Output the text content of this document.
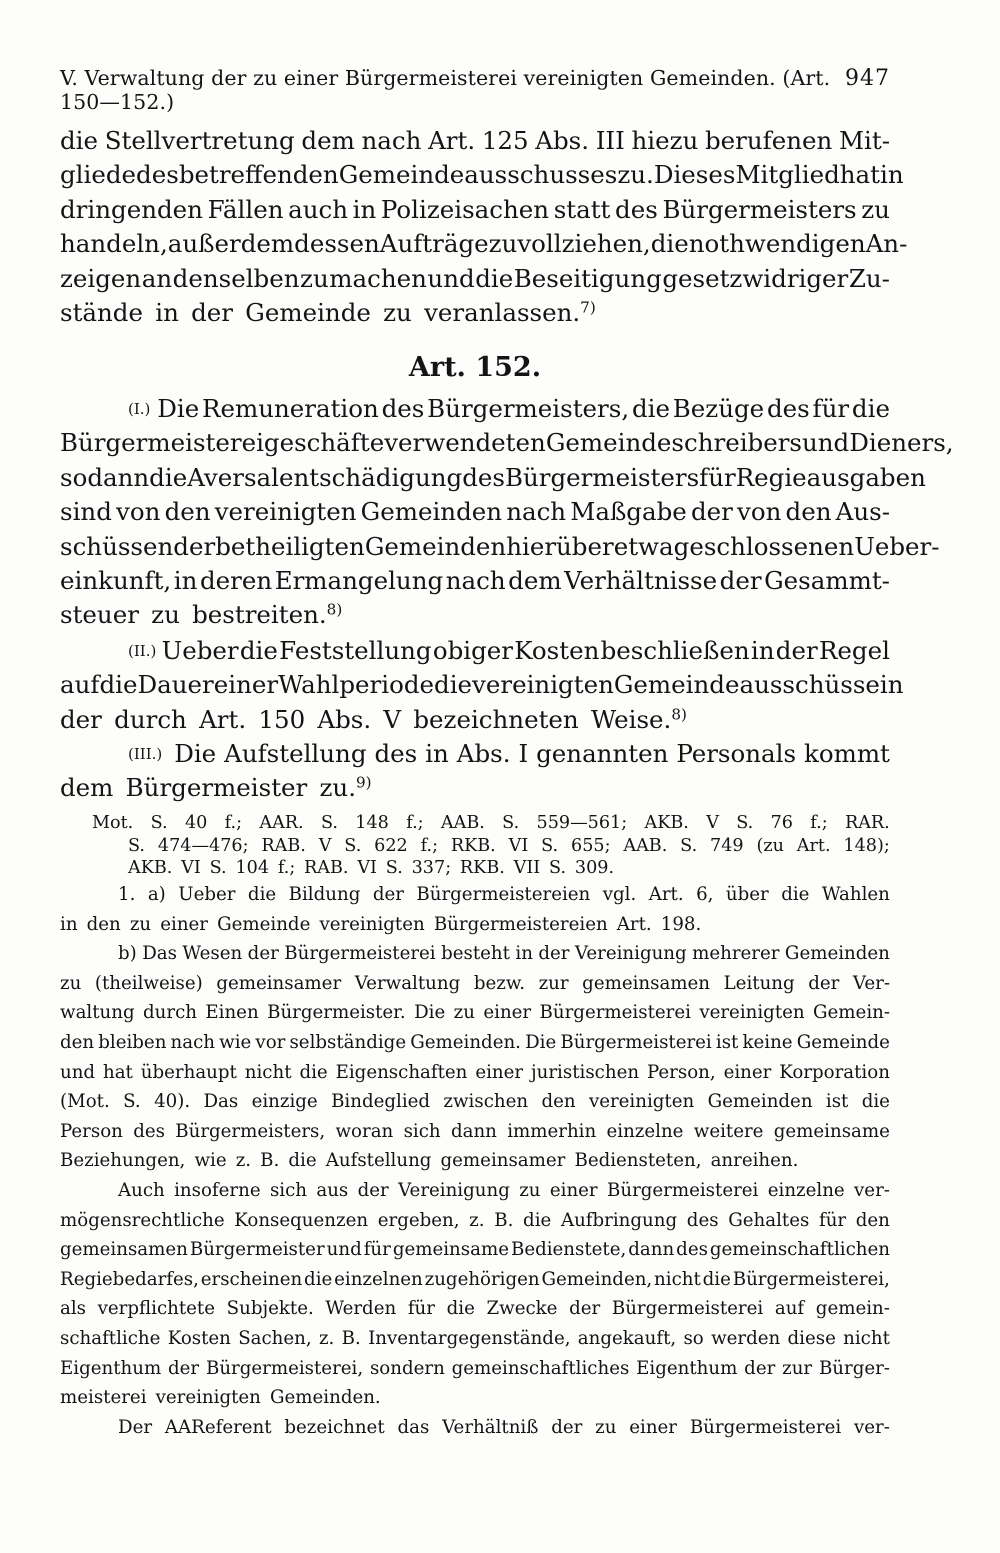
V. Verwaltung der zu einer Bürgermeisterei vereinigten Gemeinden. (Art. 150—152.)
947
die Stellvertretung dem nach Art. 125 Abs. III hiezu berufenen Mit-
gliede des betreffenden Gemeindeausschusses zu. Dieses Mitglied hat in
dringenden Fällen auch in Polizeisachen statt des Bürgermeisters zu
handeln, außerdem dessen Aufträge zu vollziehen, die nothwendigen An-
zeigen an denselben zu machen und die Beseitigung gesetzwidriger Zu-
stände in der Gemeinde zu veranlassen.$^{7)}$
Art. 152.
(I.) Die Remuneration des Bürgermeisters, die Bezüge des für die
Bürgermeistereigeschäfte verwendeten Gemeindeschreibers und Dieners,
sodann die Aversalentschädigung des Bürgermeisters für Regieausgaben
sind von den vereinigten Gemeinden nach Maßgabe der von den Aus-
schüssen der betheiligten Gemeinden hierüber etwa geschlossenen Ueber-
einkunft, in deren Ermangelung nach dem Verhältnisse der Gesammt-
steuer zu bestreiten.$^{8)}$
(II.) Ueber die Feststellung obiger Kosten beschließen in der Regel
auf die Dauer einer Wahlperiode die vereinigten Gemeindeausschüsse in
der durch Art. 150 Abs. V bezeichneten Weise.$^{8)}$
(III.) Die Aufstellung des in Abs. I genannten Personals kommt
dem Bürgermeister zu.$^{9)}$
Mot. S. 40 f.; AAR. S. 148 f.; AAB. S. 559—561; AKB. V S. 76 f.; RAR.
S. 474—476; RAB. V S. 622 f.; RKB. VI S. 655; AAB. S. 749 (zu Art. 148);
AKB. VI S. 104 f.; RAB. VI S. 337; RKB. VII S. 309.
1. a) Ueber die Bildung der Bürgermeistereien vgl. Art. 6, über die Wahlen
in den zu einer Gemeinde vereinigten Bürgermeistereien Art. 198.
b) Das Wesen der Bürgermeisterei besteht in der Vereinigung mehrerer Gemeinden
zu (theilweise) gemeinsamer Verwaltung bezw. zur gemeinsamen Leitung der Ver-
waltung durch Einen Bürgermeister. Die zu einer Bürgermeisterei vereinigten Gemein-
den bleiben nach wie vor selbständige Gemeinden. Die Bürgermeisterei ist keine Gemeinde
und hat überhaupt nicht die Eigenschaften einer juristischen Person, einer Korporation
(Mot. S. 40). Das einzige Bindeglied zwischen den vereinigten Gemeinden ist die
Person des Bürgermeisters, woran sich dann immerhin einzelne weitere gemeinsame
Beziehungen, wie z. B. die Aufstellung gemeinsamer Bediensteten, anreihen.
Auch insoferne sich aus der Vereinigung zu einer Bürgermeisterei einzelne ver-
mögensrechtliche Konsequenzen ergeben, z. B. die Aufbringung des Gehaltes für den
gemeinsamen Bürgermeister und für gemeinsame Bedienstete, dann des gemeinschaftlichen
Regiebedarfes, erscheinen die einzelnen zugehörigen Gemeinden, nicht die Bürgermeisterei,
als verpflichtete Subjekte. Werden für die Zwecke der Bürgermeisterei auf gemein-
schaftliche Kosten Sachen, z. B. Inventargegenstände, angekauft, so werden diese nicht
Eigenthum der Bürgermeisterei, sondern gemeinschaftliches Eigenthum der zur Bürger-
meisterei vereinigten Gemeinden.
Der AAReferent bezeichnet das Verhältniß der zu einer Bürgermeisterei ver-
